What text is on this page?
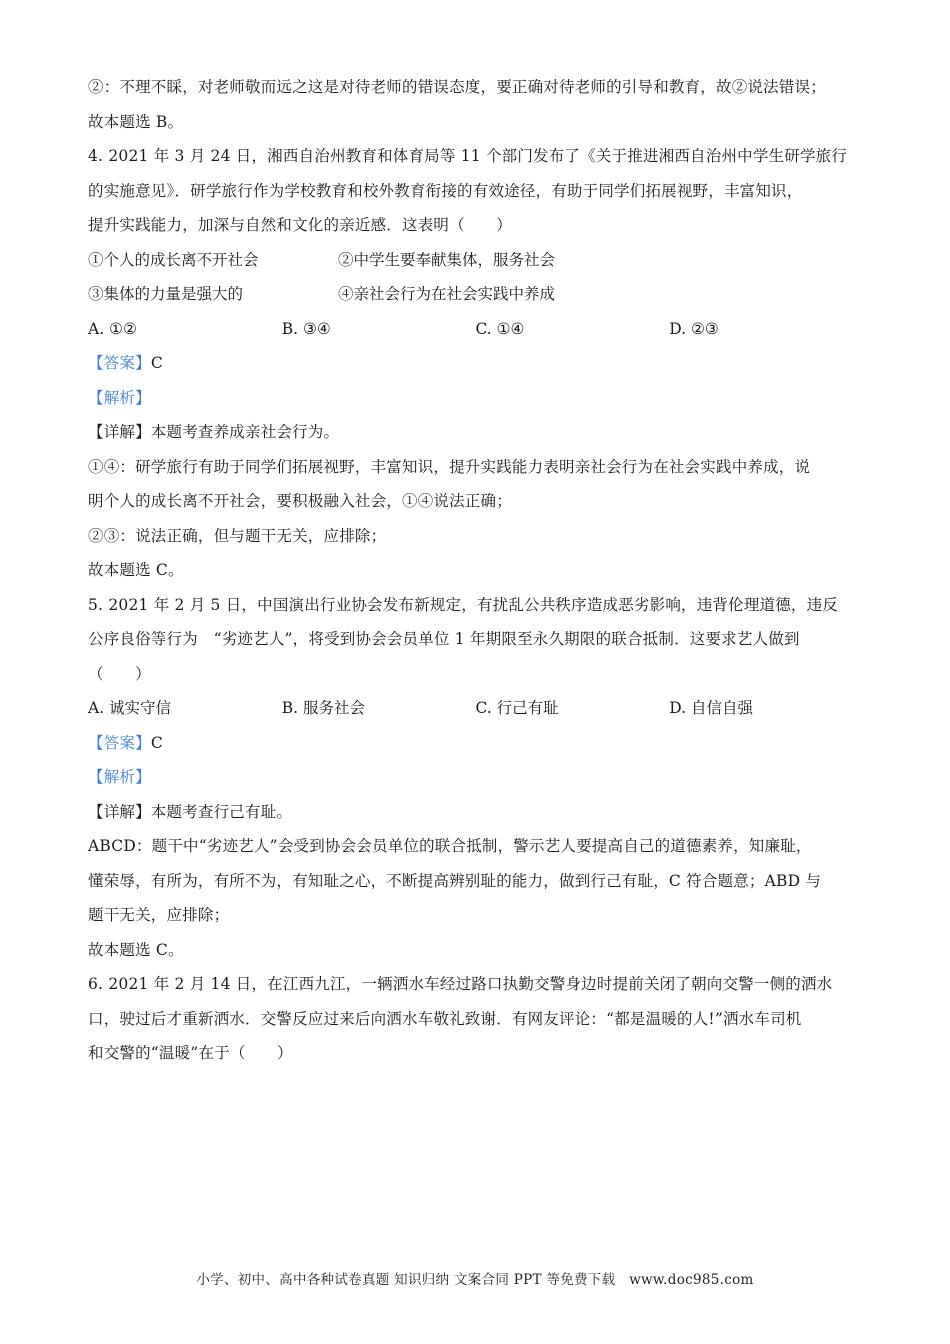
②：不理不睬，对老师敬而远之这是对待老师的错误态度，要正确对待老师的引导和教育，故②说法错误；
故本题选 B。
4. 2021 年 3 月 24 日，湘西自治州教育和体育局等 11 个部门发布了《关于推进湘西自治州中学生研学旅行
的实施意见》．研学旅行作为学校教育和校外教育衔接的有效途径，有助于同学们拓展视野，丰富知识，
提升实践能力，加深与自然和文化的亲近感．这表明（　　）
①个人的成长离不开社会	②中学生要奉献集体，服务社会
③集体的力量是强大的	④亲社会行为在社会实践中养成
A. ①②	B. ③④	C. ①④	D. ②③
【答案】C
【解析】
【详解】本题考查养成亲社会行为。
①④：研学旅行有助于同学们拓展视野，丰富知识，提升实践能力表明亲社会行为在社会实践中养成，说
明个人的成长离不开社会，要积极融入社会，①④说法正确；
②③：说法正确，但与题干无关，应排除；
故本题选 C。
5. 2021 年 2 月 5 日，中国演出行业协会发布新规定，有扰乱公共秩序造成恶劣影响，违背伦理道德，违反
公序良俗等行为　“劣迹艺人”，将受到协会会员单位 1 年期限至永久期限的联合抵制．这要求艺人做到
（　　）
A. 诚实守信	B. 服务社会	C. 行己有耻	D. 自信自强
【答案】C
【解析】
【详解】本题考查行己有耻。
ABCD：题干中“劣迹艺人”会受到协会会员单位的联合抵制，警示艺人要提高自己的道德素养，知廉耻，
懂荣辱，有所为，有所不为，有知耻之心，不断提高辨别耻的能力，做到行己有耻，C 符合题意；ABD 与
题干无关，应排除；
故本题选 C。
6. 2021 年 2 月 14 日，在江西九江，一辆洒水车经过路口执勤交警身边时提前关闭了朝向交警一侧的洒水
口，驶过后才重新洒水．交警反应过来后向洒水车敬礼致谢．有网友评论：“都是温暖的人!”洒水车司机
和交警的“温暖”在于（　　）
小学、初中、高中各种试卷真题 知识归纳 文案合同 PPT 等免费下载　www.doc985.com
